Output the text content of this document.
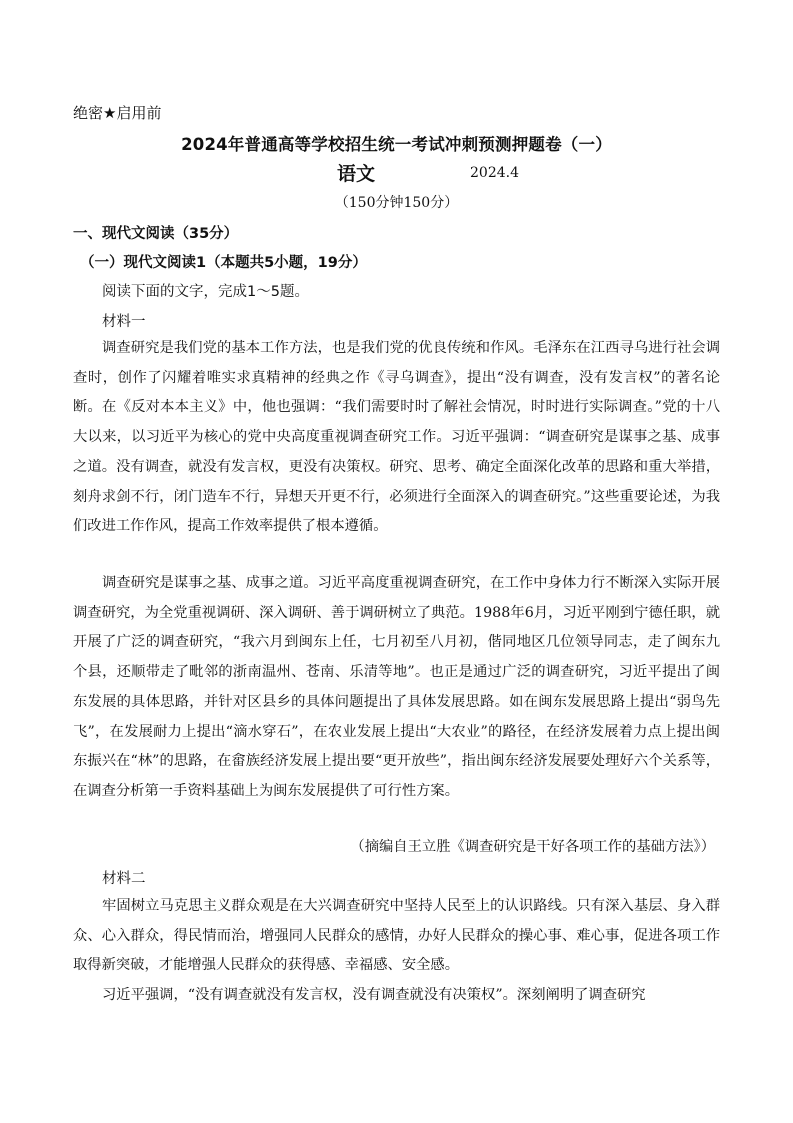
绝密★启用前
2024年普通高等学校招生统一考试冲刺预测押题卷（一）
语文	2024.4
（150分钟150分）
一、现代文阅读（35分）
（一）现代文阅读1（本题共5小题，19分）
阅读下面的文字，完成1～5题。
材料一
调查研究是我们党的基本工作方法，也是我们党的优良传统和作风。毛泽东在江西寻乌进行社会调查时，创作了闪耀着唯实求真精神的经典之作《寻乌调查》，提出“没有调查，没有发言权”的著名论断。在《反对本本主义》中，他也强调：“我们需要时时了解社会情况，时时进行实际调查。”党的十八大以来，以习近平为核心的党中央高度重视调查研究工作。习近平强调：“调查研究是谋事之基、成事之道。没有调查，就没有发言权，更没有决策权。研究、思考、确定全面深化改革的思路和重大举措，刻舟求剑不行，闭门造车不行，异想天开更不行，必须进行全面深入的调查研究。”这些重要论述，为我们改进工作作风，提高工作效率提供了根本遵循。
调查研究是谋事之基、成事之道。习近平高度重视调查研究，在工作中身体力行不断深入实际开展调查研究，为全党重视调研、深入调研、善于调研树立了典范。1988年6月，习近平刚到宁德任职，就开展了广泛的调查研究，“我六月到闽东上任，七月初至八月初，偕同地区几位领导同志，走了闽东九个县，还顺带走了毗邻的浙南温州、苍南、乐清等地”。也正是通过广泛的调查研究，习近平提出了闽东发展的具体思路，并针对区县乡的具体问题提出了具体发展思路。如在闽东发展思路上提出“弱鸟先飞”，在发展耐力上提出“滴水穿石”，在农业发展上提出“大农业”的路径，在经济发展着力点上提出闽东振兴在“林”的思路，在畲族经济发展上提出要“更开放些”，指出闽东经济发展要处理好六个关系等，在调查分析第一手资料基础上为闽东发展提供了可行性方案。
（摘编自王立胜《调查研究是干好各项工作的基础方法》）
材料二
牢固树立马克思主义群众观是在大兴调查研究中坚持人民至上的认识路线。只有深入基层、身入群众、心入群众，得民情而治，增强同人民群众的感情，办好人民群众的操心事、难心事，促进各项工作取得新突破，才能增强人民群众的获得感、幸福感、安全感。
习近平强调，“没有调查就没有发言权，没有调查就没有决策权”。深刻阐明了调查研究
